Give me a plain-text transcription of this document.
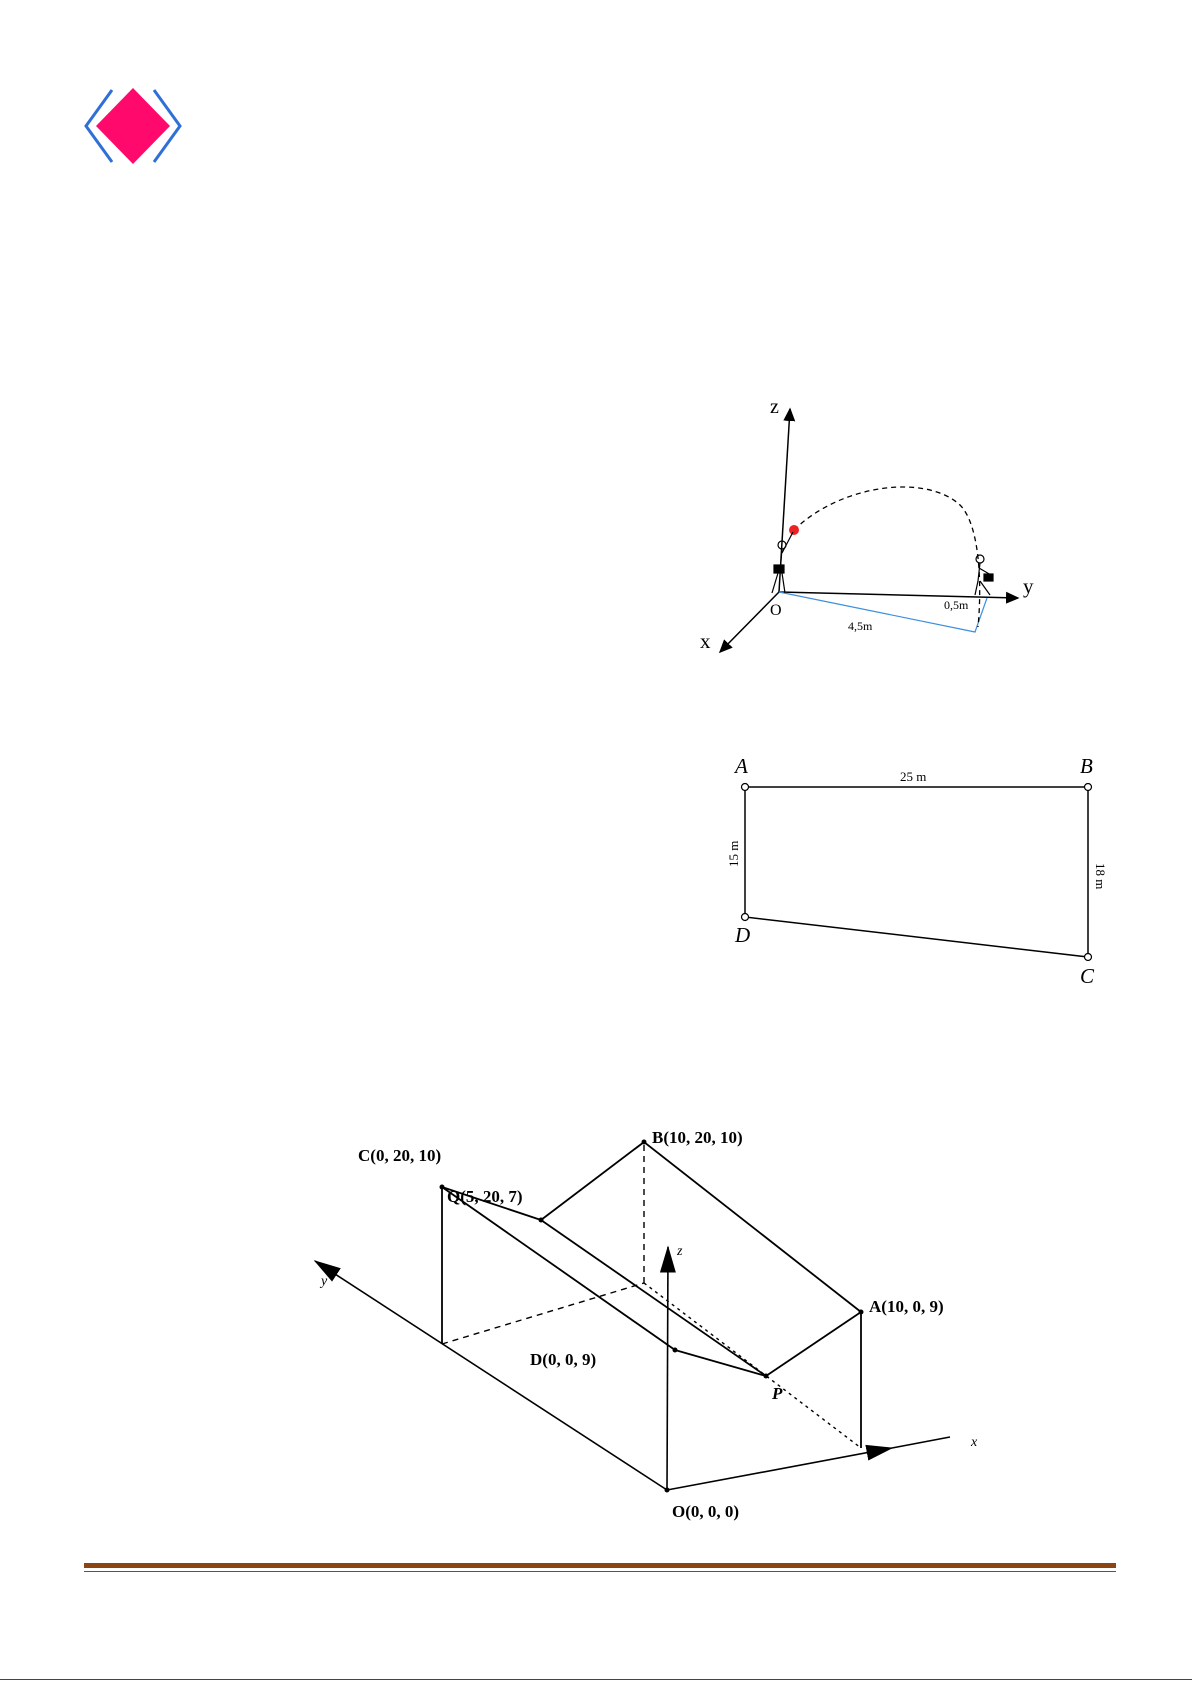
z
y
x
O
4,5m
0,5m
A	B
C
D
25 m
15 m
18 m
B(10, 20, 10)
C(0, 20, 10)
Q(5, 20, 7)
A(10, 0, 9)
D(0, 0, 9)
P
O(0, 0, 0)
x
y
z
